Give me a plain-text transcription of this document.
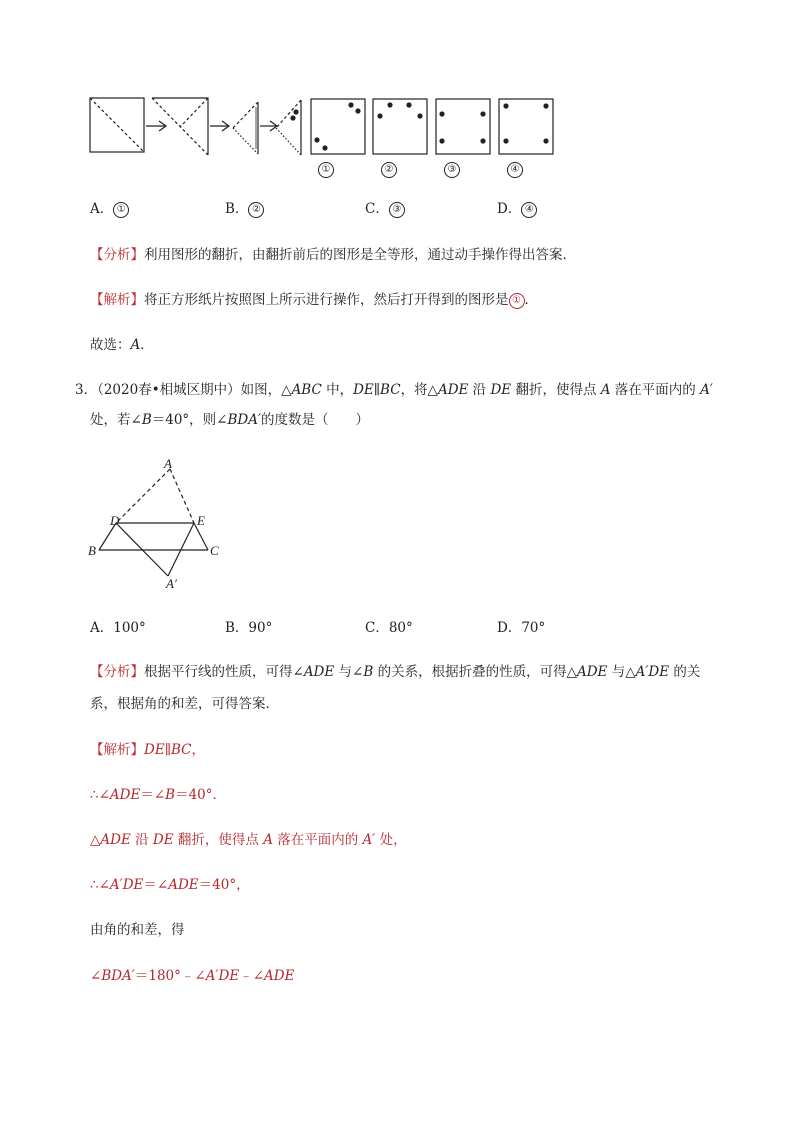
①	②	③	④
A． ①	B． ②	C． ③	D． ④
【分析】利用图形的翻折，由翻折前后的图形是全等形，通过动手操作得出答案．
【解析】将正方形纸片按照图上所示进行操作，然后打开得到的图形是 ① ．
故选：A．
3．（2020春•相城区期中）如图，△ABC 中，DE∥BC，将△ADE 沿 DE 翻折，使得点 A 落在平面内的 A′
处，若∠B＝40°，则∠BDA′的度数是（　　）
A
D	E
B	C
A′
A．100°	B．90°	C．80°	D．70°
【分析】根据平行线的性质，可得∠ADE 与∠B 的关系，根据折叠的性质，可得△ADE 与△A′DE 的关
系，根据角的和差，可得答案．
【解析】DE∥BC，
∴∠ADE＝∠B＝40°．
△ADE 沿 DE 翻折，使得点 A 落在平面内的 A′ 处，
∴∠A′DE＝∠ADE＝40°，
由角的和差，得
∠BDA′＝180°﹣∠A′DE﹣∠ADE
